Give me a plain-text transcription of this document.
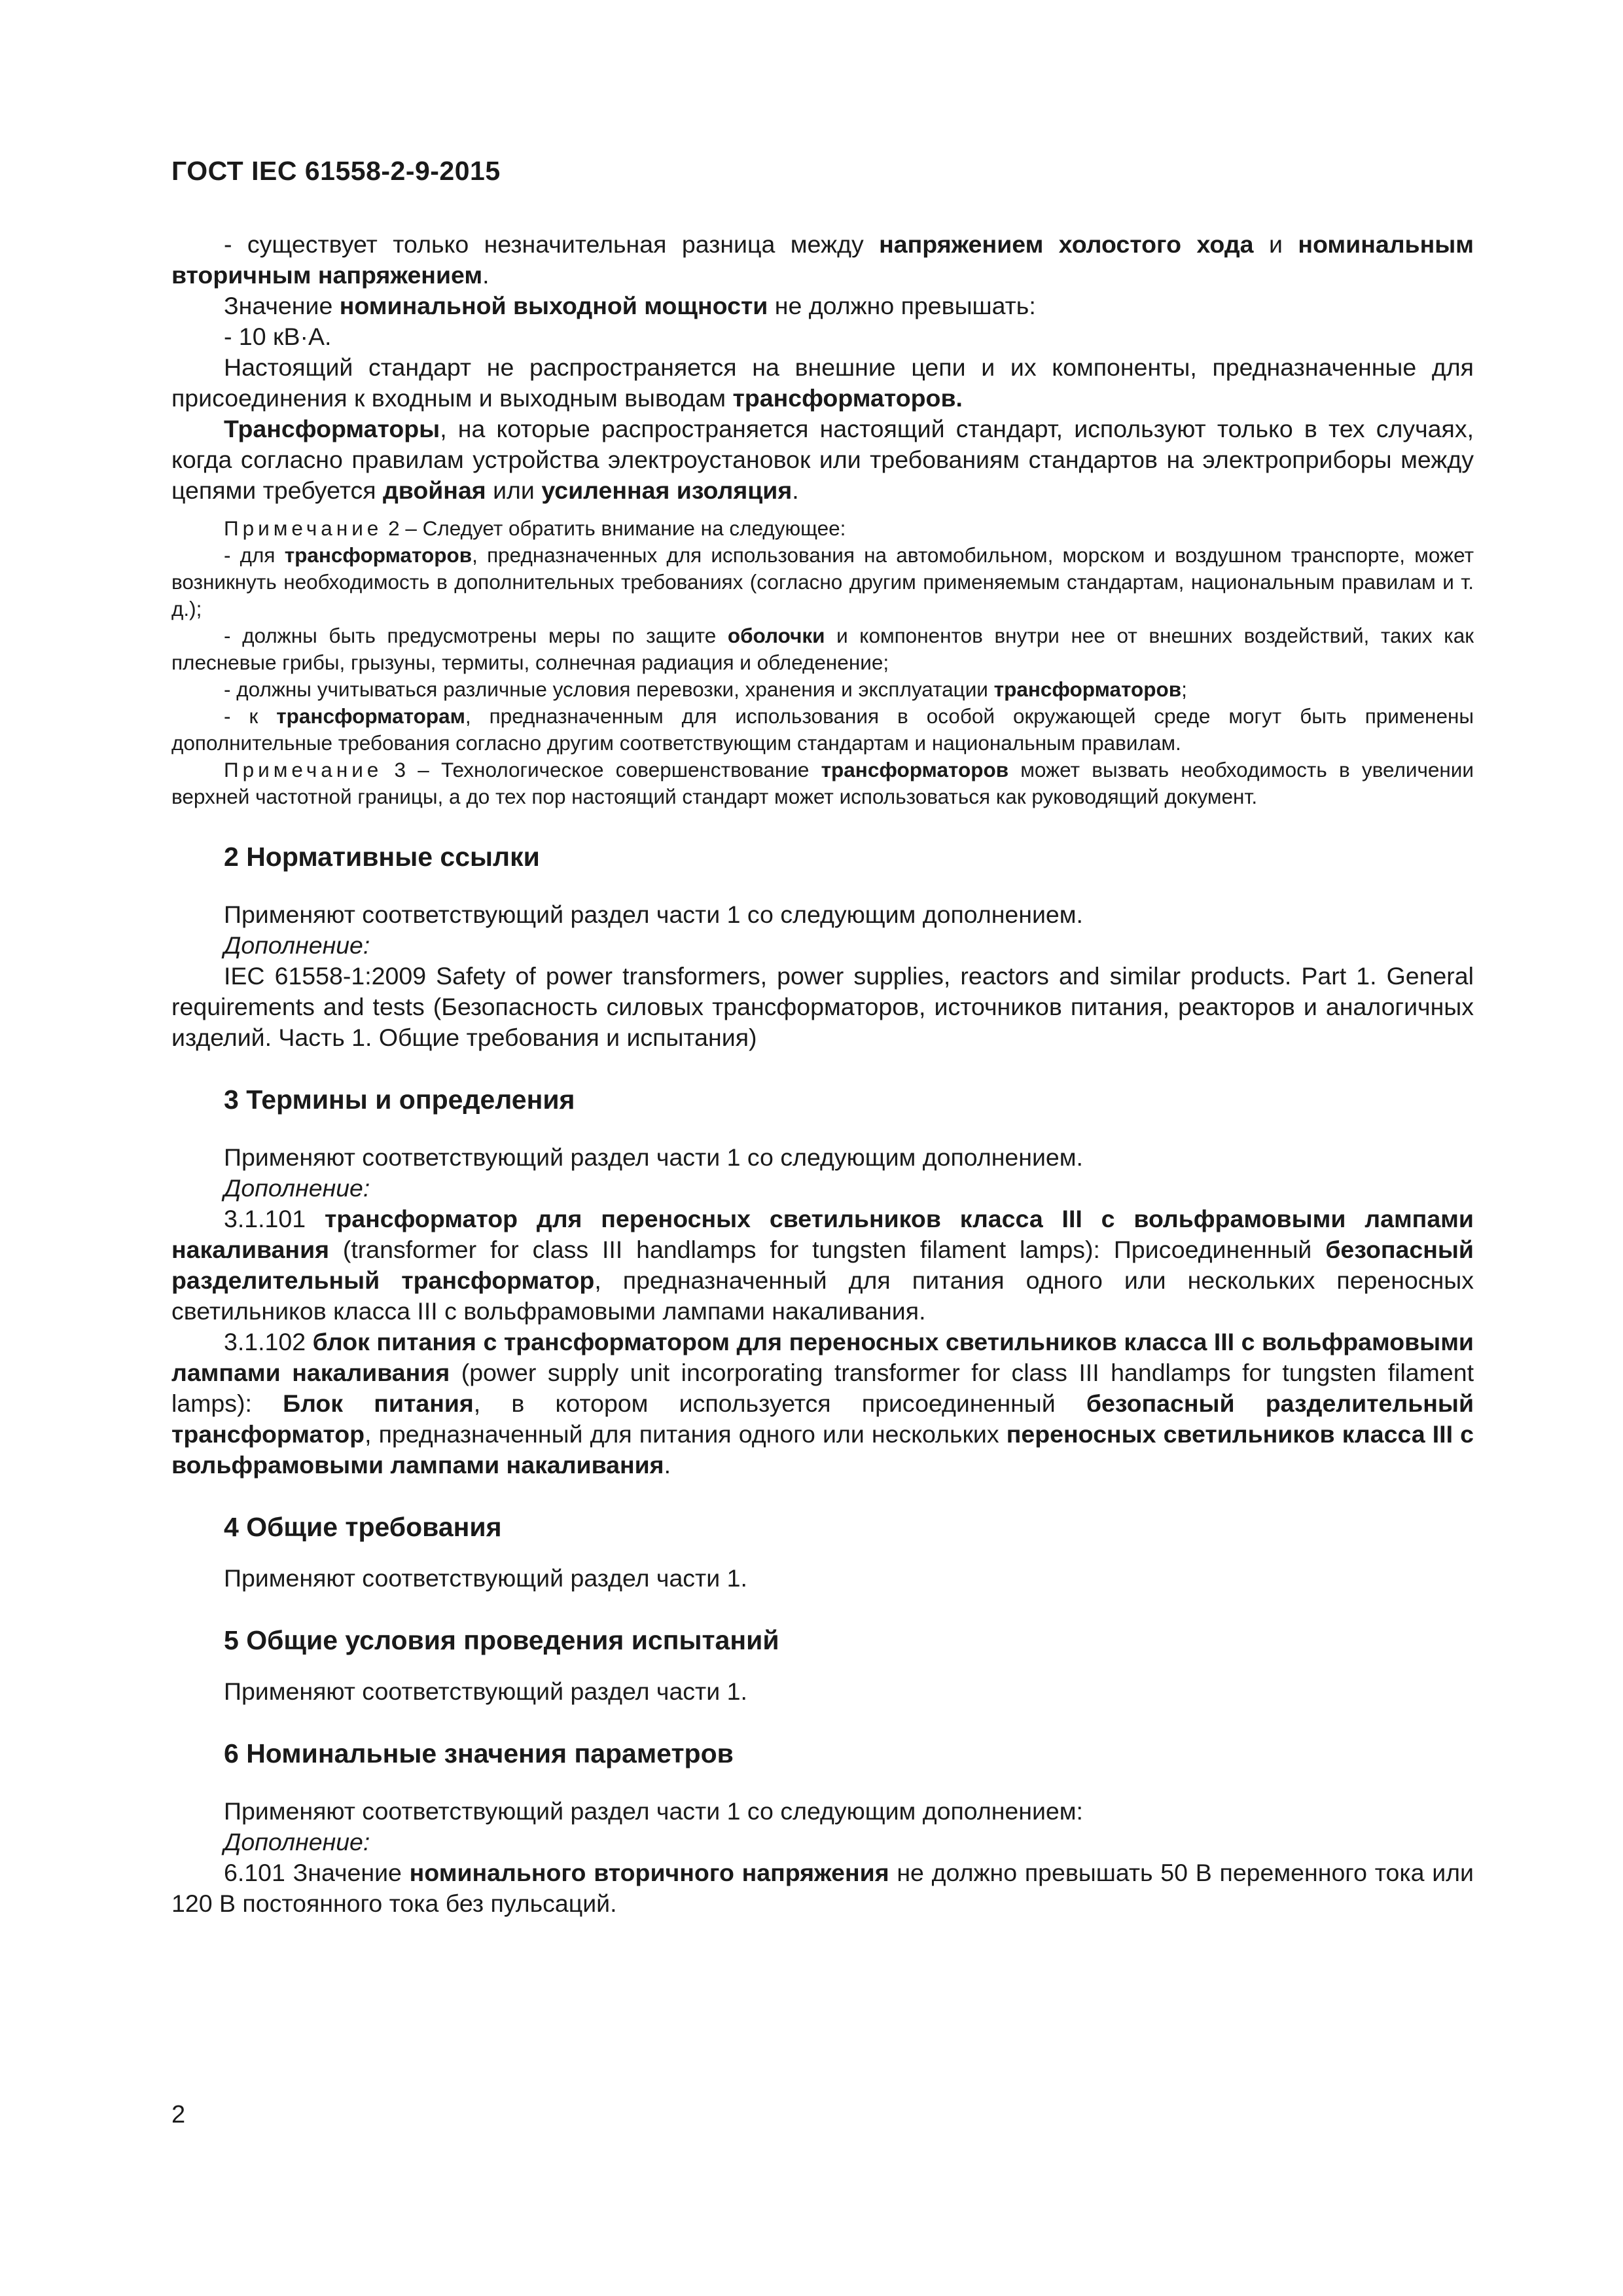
ГОСТ IEC 61558-2-9-2015

- существует только незначительная разница между напряжением холостого хода и номинальным вторичным напряжением.

Значение номинальной выходной мощности не должно превышать:

- 10 кВ·А.

Настоящий стандарт не распространяется на внешние цепи и их компоненты, предназначенные для присоединения к входным и выходным выводам трансформаторов.

Трансформаторы, на которые распространяется настоящий стандарт, используют только в тех случаях, когда согласно правилам устройства электроустановок или требованиям стандартов на электроприборы между цепями требуется двойная или усиленная изоляция.

Примечание 2 – Следует обратить внимание на следующее:

- для трансформаторов, предназначенных для использования на автомобильном, морском и воздушном транспорте, может возникнуть необходимость в дополнительных требованиях (согласно другим применяемым стандартам, национальным правилам и т. д.);

- должны быть предусмотрены меры по защите оболочки и компонентов внутри нее от внешних воздействий, таких как плесневые грибы, грызуны, термиты, солнечная радиация и обледенение;

- должны учитываться различные условия перевозки, хранения и эксплуатации трансформаторов;

- к трансформаторам, предназначенным для использования в особой окружающей среде могут быть применены дополнительные требования согласно другим соответствующим стандартам и национальным правилам.

Примечание 3 – Технологическое совершенствование трансформаторов может вызвать необходимость в увеличении верхней частотной границы, а до тех пор настоящий стандарт может использоваться как руководящий документ.

2 Нормативные ссылки

Применяют соответствующий раздел части 1 со следующим дополнением.

Дополнение:

IEC 61558-1:2009 Safety of power transformers, power supplies, reactors and similar products. Part 1. General requirements and tests (Безопасность силовых трансформаторов, источников питания, реакторов и аналогичных изделий. Часть 1. Общие требования и испытания)

3 Термины и определения

Применяют соответствующий раздел части 1 со следующим дополнением.

Дополнение:

3.1.101 трансформатор для переносных светильников класса III с вольфрамовыми лампами накаливания (transformer for class III handlamps for tungsten filament lamps): Присоединенный безопасный разделительный трансформатор, предназначенный для питания одного или нескольких переносных светильников класса III с вольфрамовыми лампами накаливания.

3.1.102 блок питания с трансформатором для переносных светильников класса III с вольфрамовыми лампами накаливания (power supply unit incorporating transformer for class III handlamps for tungsten filament lamps): Блок питания, в котором используется присоединенный безопасный разделительный трансформатор, предназначенный для питания одного или нескольких переносных светильников класса III с вольфрамовыми лампами накаливания.

4 Общие требования

Применяют соответствующий раздел части 1.

5 Общие условия проведения испытаний

Применяют соответствующий раздел части 1.

6 Номинальные значения параметров

Применяют соответствующий раздел части 1 со следующим дополнением:

Дополнение:

6.101 Значение номинального вторичного напряжения не должно превышать 50 В переменного тока или 120 В постоянного тока без пульсаций.

2
